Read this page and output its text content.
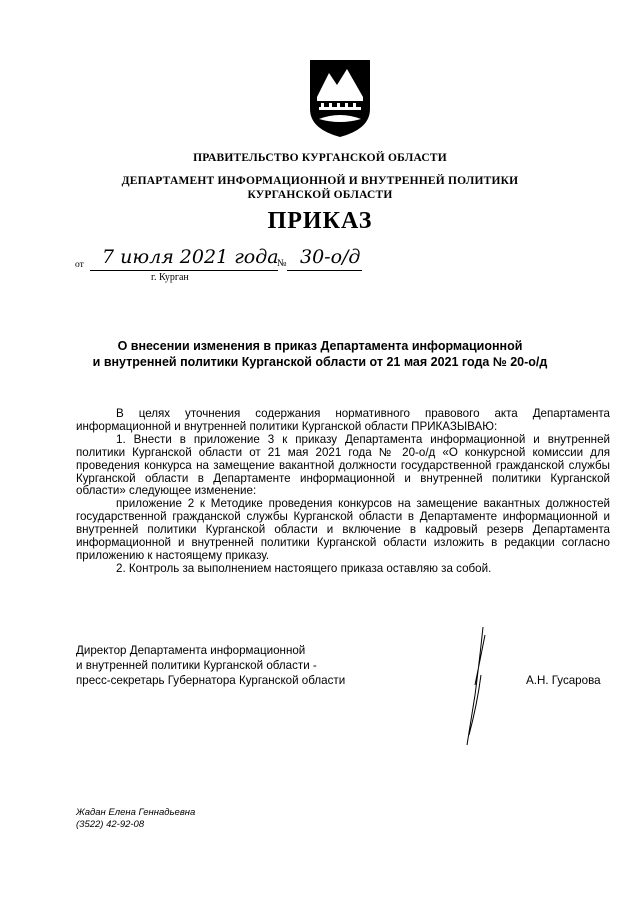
ПРАВИТЕЛЬСТВО КУРГАНСКОЙ ОБЛАСТИ
ДЕПАРТАМЕНТ ИНФОРМАЦИОННОЙ И ВНУТРЕННЕЙ ПОЛИТИКИ
КУРГАНСКОЙ ОБЛАСТИ
ПРИКАЗ
от 7 июля 2021 года
№ 30-о/д
г. Курган
О внесении изменения в приказ Департамента информационной
и внутренней политики Курганской области от 21 мая 2021 года № 20-о/д

В целях уточнения содержания нормативного правового акта Департамента информационной и внутренней политики Курганской области ПРИКАЗЫВАЮ:

1. Внести в приложение 3 к приказу Департамента информационной и внутренней политики Курганской области от 21 мая 2021 года № 20-о/д «О конкурсной комиссии для проведения конкурса на замещение вакантной должности государственной гражданской службы Курганской области в Департаменте информационной и внутренней политики Курганской области» следующее изменение:

приложение 2 к Методике проведения конкурсов на замещение вакантных должностей государственной гражданской службы Курганской области в Департаменте информационной и внутренней политики Курганской области и включение в кадровый резерв Департамента информационной и внутренней политики Курганской области изложить в редакции согласно приложению к настоящему приказу.

2. Контроль за выполнением настоящего приказа оставляю за собой.

Директор Департамента информационной
и внутренней политики Курганской области -
пресс-секретарь Губернатора Курганской области	А.Н. Гусарова
Жадан Елена Геннадьевна
(3522) 42-92-08
